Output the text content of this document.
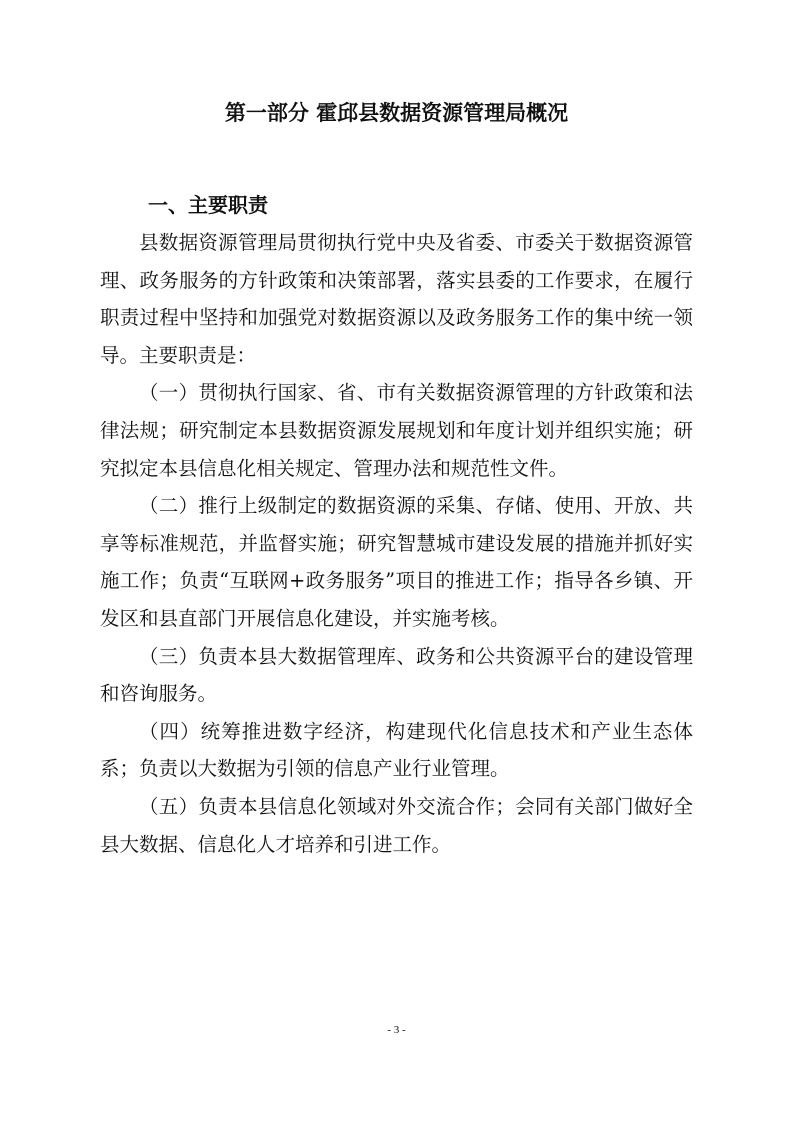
第一部分 霍邱县数据资源管理局概况
一、主要职责

县数据资源管理局贯彻执行党中央及省委、市委关于数据资源管理、政务服务的方针政策和决策部署，落实县委的工作要求，在履行职责过程中坚持和加强党对数据资源以及政务服务工作的集中统一领导。主要职责是：

（一）贯彻执行国家、省、市有关数据资源管理的方针政策和法律法规；研究制定本县数据资源发展规划和年度计划并组织实施；研究拟定本县信息化相关规定、管理办法和规范性文件。

（二）推行上级制定的数据资源的采集、存储、使用、开放、共享等标准规范，并监督实施；研究智慧城市建设发展的措施并抓好实施工作；负责“互联网+政务服务”项目的推进工作；指导各乡镇、开发区和县直部门开展信息化建设，并实施考核。

（三）负责本县大数据管理库、政务和公共资源平台的建设管理和咨询服务。

（四）统筹推进数字经济，构建现代化信息技术和产业生态体系；负责以大数据为引领的信息产业行业管理。

（五）负责本县信息化领域对外交流合作；会同有关部门做好全县大数据、信息化人才培养和引进工作。

- 3 -
